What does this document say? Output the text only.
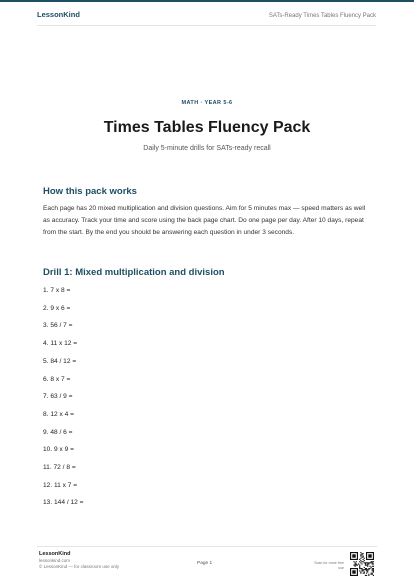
LessonKind	SATs-Ready Times Tables Fluency Pack
MATH · YEAR 5-6
Times Tables Fluency Pack
Daily 5-minute drills for SATs-ready recall
How this pack works

Each page has 20 mixed multiplication and division questions. Aim for 5 minutes max — speed matters as well as accuracy. Track your time and score using the back page chart. Do one page per day. After 10 days, repeat from the start. By the end you should be answering each question in under 3 seconds.

Drill 1: Mixed multiplication and division
1. 7 x 8 =
2. 9 x 6 =
3. 56 / 7 =
4. 11 x 12 =
5. 84 / 12 =
6. 8 x 7 =
7. 63 / 9 =
8. 12 x 4 =
9. 48 / 6 =
10. 9 x 9 =
11. 72 / 8 =
12. 11 x 7 =
13. 144 / 12 =
LessonKind
lessonkind.com
© LessonKind — for classroom use only
Page 1	Scan for more free use
